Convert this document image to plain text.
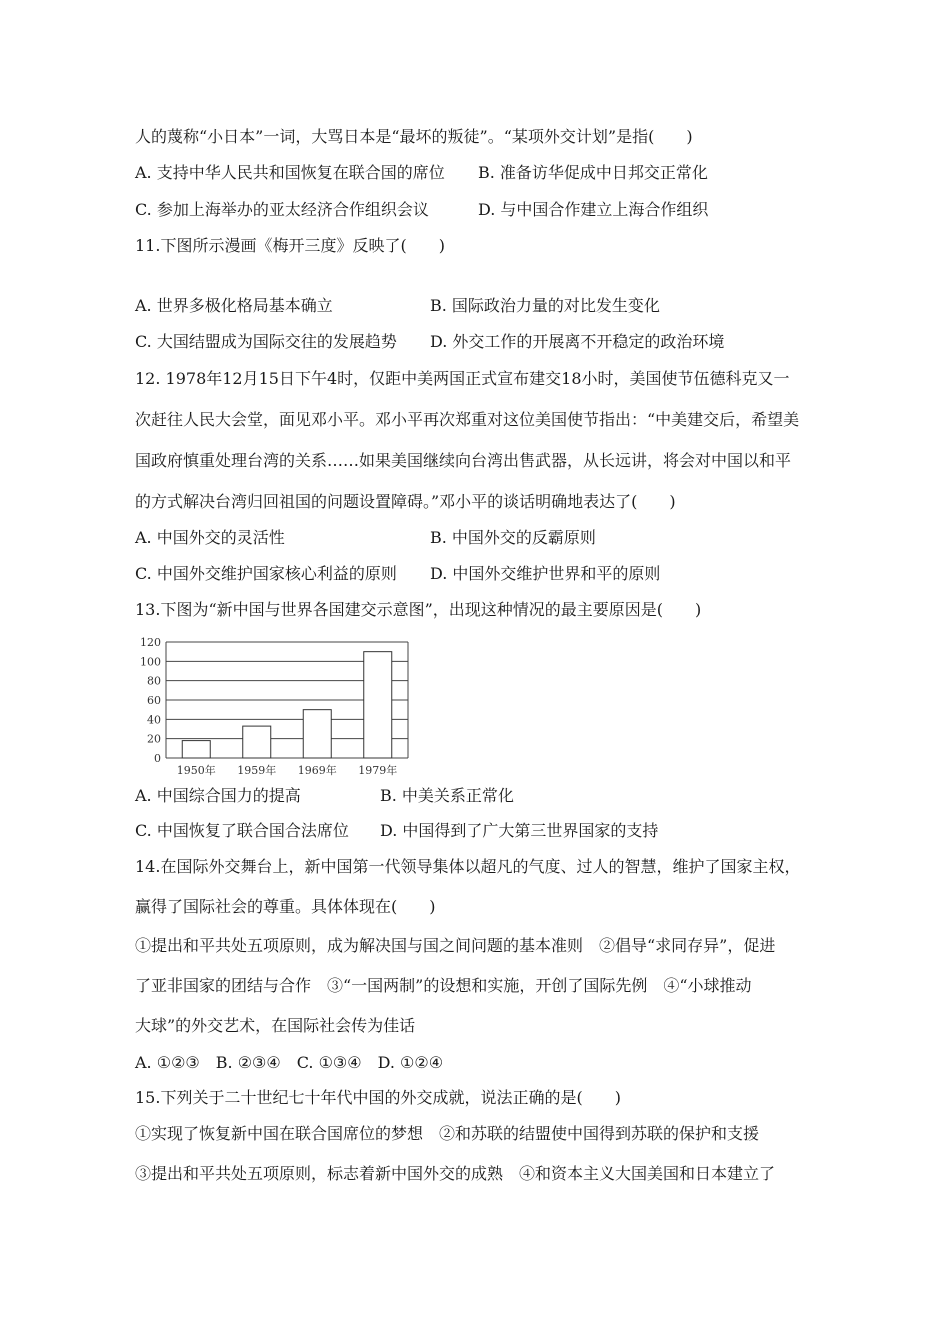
人的蔑称“小日本”一词，大骂日本是“最坏的叛徒”。“某项外交计划”是指(　　)
A. 支持中华人民共和国恢复在联合国的席位 B. 准备访华促成中日邦交正常化
C. 参加上海举办的亚太经济合作组织会议	D. 与中国合作建立上海合作组织
11.下图所示漫画《梅开三度》反映了(　　)
A. 世界多极化格局基本确立	B. 国际政治力量的对比发生变化
C. 大国结盟成为国际交往的发展趋势 D. 外交工作的开展离不开稳定的政治环境
12. 1978年12月15日下午4时，仅距中美两国正式宣布建交18小时，美国使节伍德科克又一
次赶往人民大会堂，面见邓小平。邓小平再次郑重对这位美国使节指出：“中美建交后，希望美
国政府慎重处理台湾的关系……如果美国继续向台湾出售武器，从长远讲，将会对中国以和平
的方式解决台湾归回祖国的问题设置障碍。”邓小平的谈话明确地表达了(　　)
A. 中国外交的灵活性	B. 中国外交的反霸原则
C. 中国外交维护国家核心利益的原则 D. 中国外交维护世界和平的原则
13.下图为“新中国与世界各国建交示意图”，出现这种情况的最主要原因是(　　)
0
20
40
60
80
100
120
1950年 1959年 1969年 1979年
A. 中国综合国力的提高	B. 中美关系正常化
C. 中国恢复了联合国合法席位 D. 中国得到了广大第三世界国家的支持
14.在国际外交舞台上，新中国第一代领导集体以超凡的气度、过人的智慧，维护了国家主权，
赢得了国际社会的尊重。具体体现在(　　)
①提出和平共处五项原则，成为解决国与国之间问题的基本准则　②倡导“求同存异”，促进
了亚非国家的团结与合作　③“一国两制”的设想和实施，开创了国际先例　④“小球推动
大球”的外交艺术，在国际社会传为佳话
A. ①②③　B. ②③④　C. ①③④　D. ①②④
15.下列关于二十世纪七十年代中国的外交成就，说法正确的是(　　)
①实现了恢复新中国在联合国席位的梦想　②和苏联的结盟使中国得到苏联的保护和支援
③提出和平共处五项原则，标志着新中国外交的成熟　④和资本主义大国美国和日本建立了
